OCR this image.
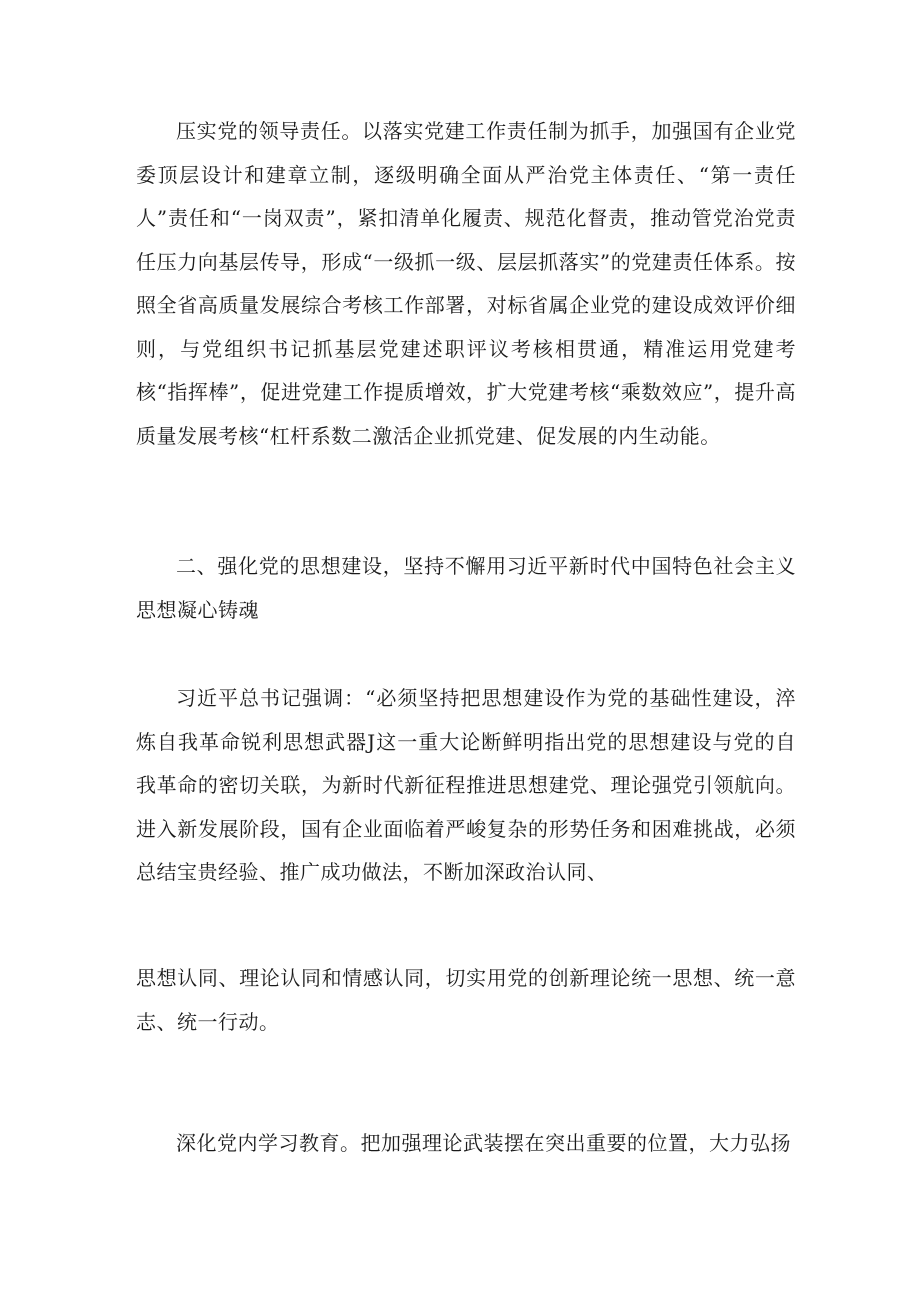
压实党的领导责任。以落实党建工作责任制为抓手，加强国有企业党委顶层设计和建章立制，逐级明确全面从严治党主体责任、“第一责任人”责任和“一岗双责”，紧扣清单化履责、规范化督责，推动管党治党责任压力向基层传导，形成“一级抓一级、层层抓落实”的党建责任体系。按照全省高质量发展综合考核工作部署，对标省属企业党的建设成效评价细则，与党组织书记抓基层党建述职评议考核相贯通，精准运用党建考核“指挥棒”，促进党建工作提质增效，扩大党建考核“乘数效应”，提升高质量发展考核“杠杆系数二激活企业抓党建、促发展的内生动能。

二、强化党的思想建设，坚持不懈用习近平新时代中国特色社会主义思想凝心铸魂

习近平总书记强调：“必须坚持把思想建设作为党的基础性建设，淬炼自我革命锐利思想武器J这一重大论断鲜明指出党的思想建设与党的自我革命的密切关联，为新时代新征程推进思想建党、理论强党引领航向。进入新发展阶段，国有企业面临着严峻复杂的形势任务和困难挑战，必须总结宝贵经验、推广成功做法，不断加深政治认同、

思想认同、理论认同和情感认同，切实用党的创新理论统一思想、统一意志、统一行动。

深化党内学习教育。把加强理论武装摆在突出重要的位置，大力弘扬
